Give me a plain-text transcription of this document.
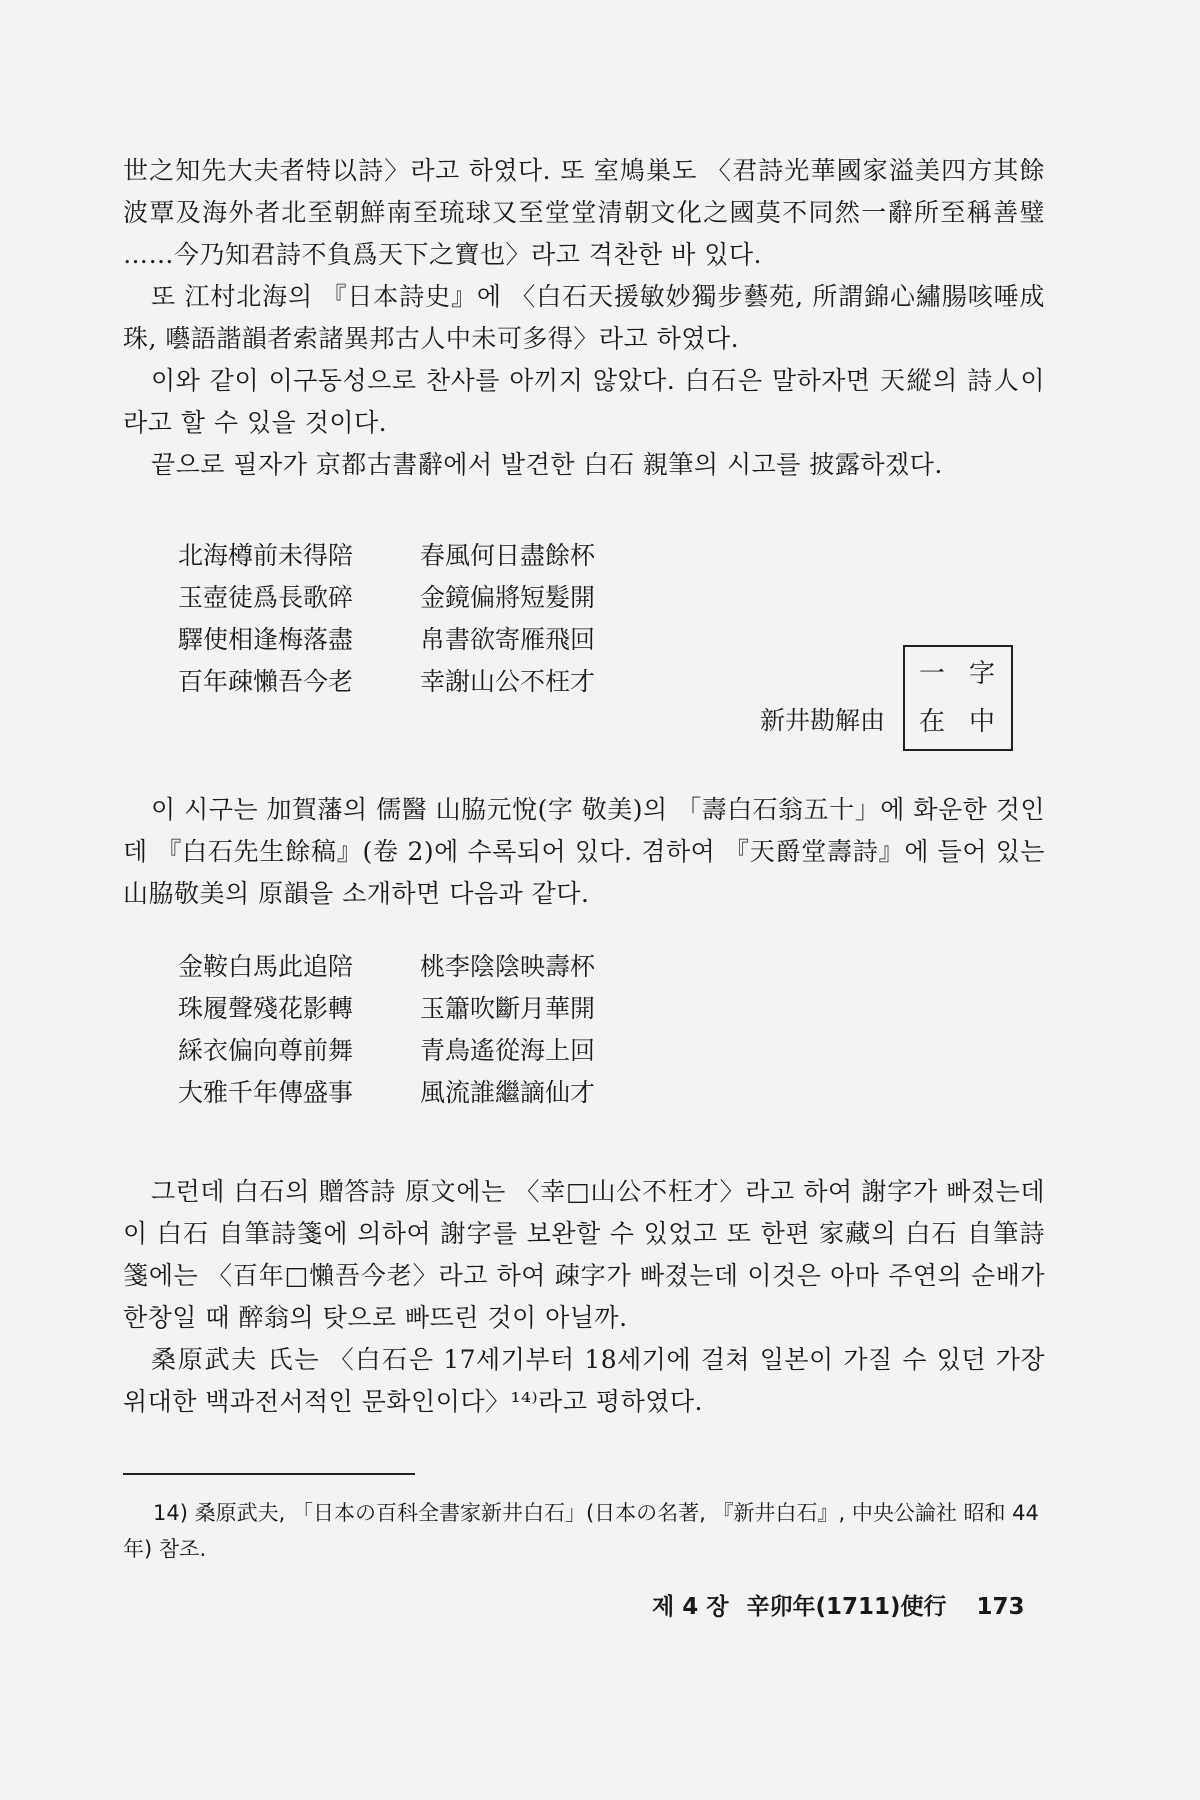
世之知先大夫者特以詩〉라고 하였다. 또 室鳩巣도 〈君詩光華國家溢美四方其餘波覃及海外者北至朝鮮南至琉球又至堂堂清朝文化之國莫不同然一辭所至稱善璧 ……今乃知君詩不負爲天下之寶也〉라고 격찬한 바 있다.

또 江村北海의 『日本詩史』에 〈白石天援敏妙獨步藝苑, 所謂錦心繡腸咳唾成珠, 囈語諧韻者索諸異邦古人中未可多得〉라고 하였다.

이와 같이 이구동성으로 찬사를 아끼지 않았다. 白石은 말하자면 天縱의 詩人이라고 할 수 있을 것이다.

끝으로 필자가 京都古書辭에서 발견한 白石 親筆의 시고를 披露하겠다.

北海樽前未得陪	春風何日盡餘杯
玉壺徒爲長歌碎	金鏡偏將短髮開
驛使相逢梅落盡	帛書欲寄雁飛回
百年疎懶吾今老	幸謝山公不枉才
新井勘解由
一 字
在 中

이 시구는 加賀藩의 儒醫 山脇元悅(字 敬美)의 「壽白石翁五十」에 화운한 것인데 『白石先生餘稿』(卷 2)에 수록되어 있다. 겸하여 『天爵堂壽詩』에 들어 있는 山脇敬美의 原韻을 소개하면 다음과 같다.

金鞍白馬此追陪	桃李陰陰映壽杯
珠履聲殘花影轉	玉簫吹斷月華開
綵衣偏向尊前舞	青鳥遙從海上回
大雅千年傳盛事	風流誰繼謫仙才

그런데 白石의 贈答詩 原文에는 〈幸□山公不枉才〉라고 하여 謝字가 빠졌는데 이 白石 自筆詩箋에 의하여 謝字를 보완할 수 있었고 또 한편 家藏의 白石 自筆詩箋에는 〈百年□懶吾今老〉라고 하여 疎字가 빠졌는데 이것은 아마 주연의 순배가 한창일 때 醉翁의 탓으로 빠뜨린 것이 아닐까.

桑原武夫 氏는 〈白石은 17세기부터 18세기에 걸쳐 일본이 가질 수 있던 가장 위대한 백과전서적인 문화인이다〉¹⁴⁾라고 평하였다.

14) 桑原武夫, 「日本の百科全書家新井白石」(日本の名著, 『新井白石』, 中央公論社 昭和 44年) 참조.

제 4 장 辛卯年(1711)使行 173
